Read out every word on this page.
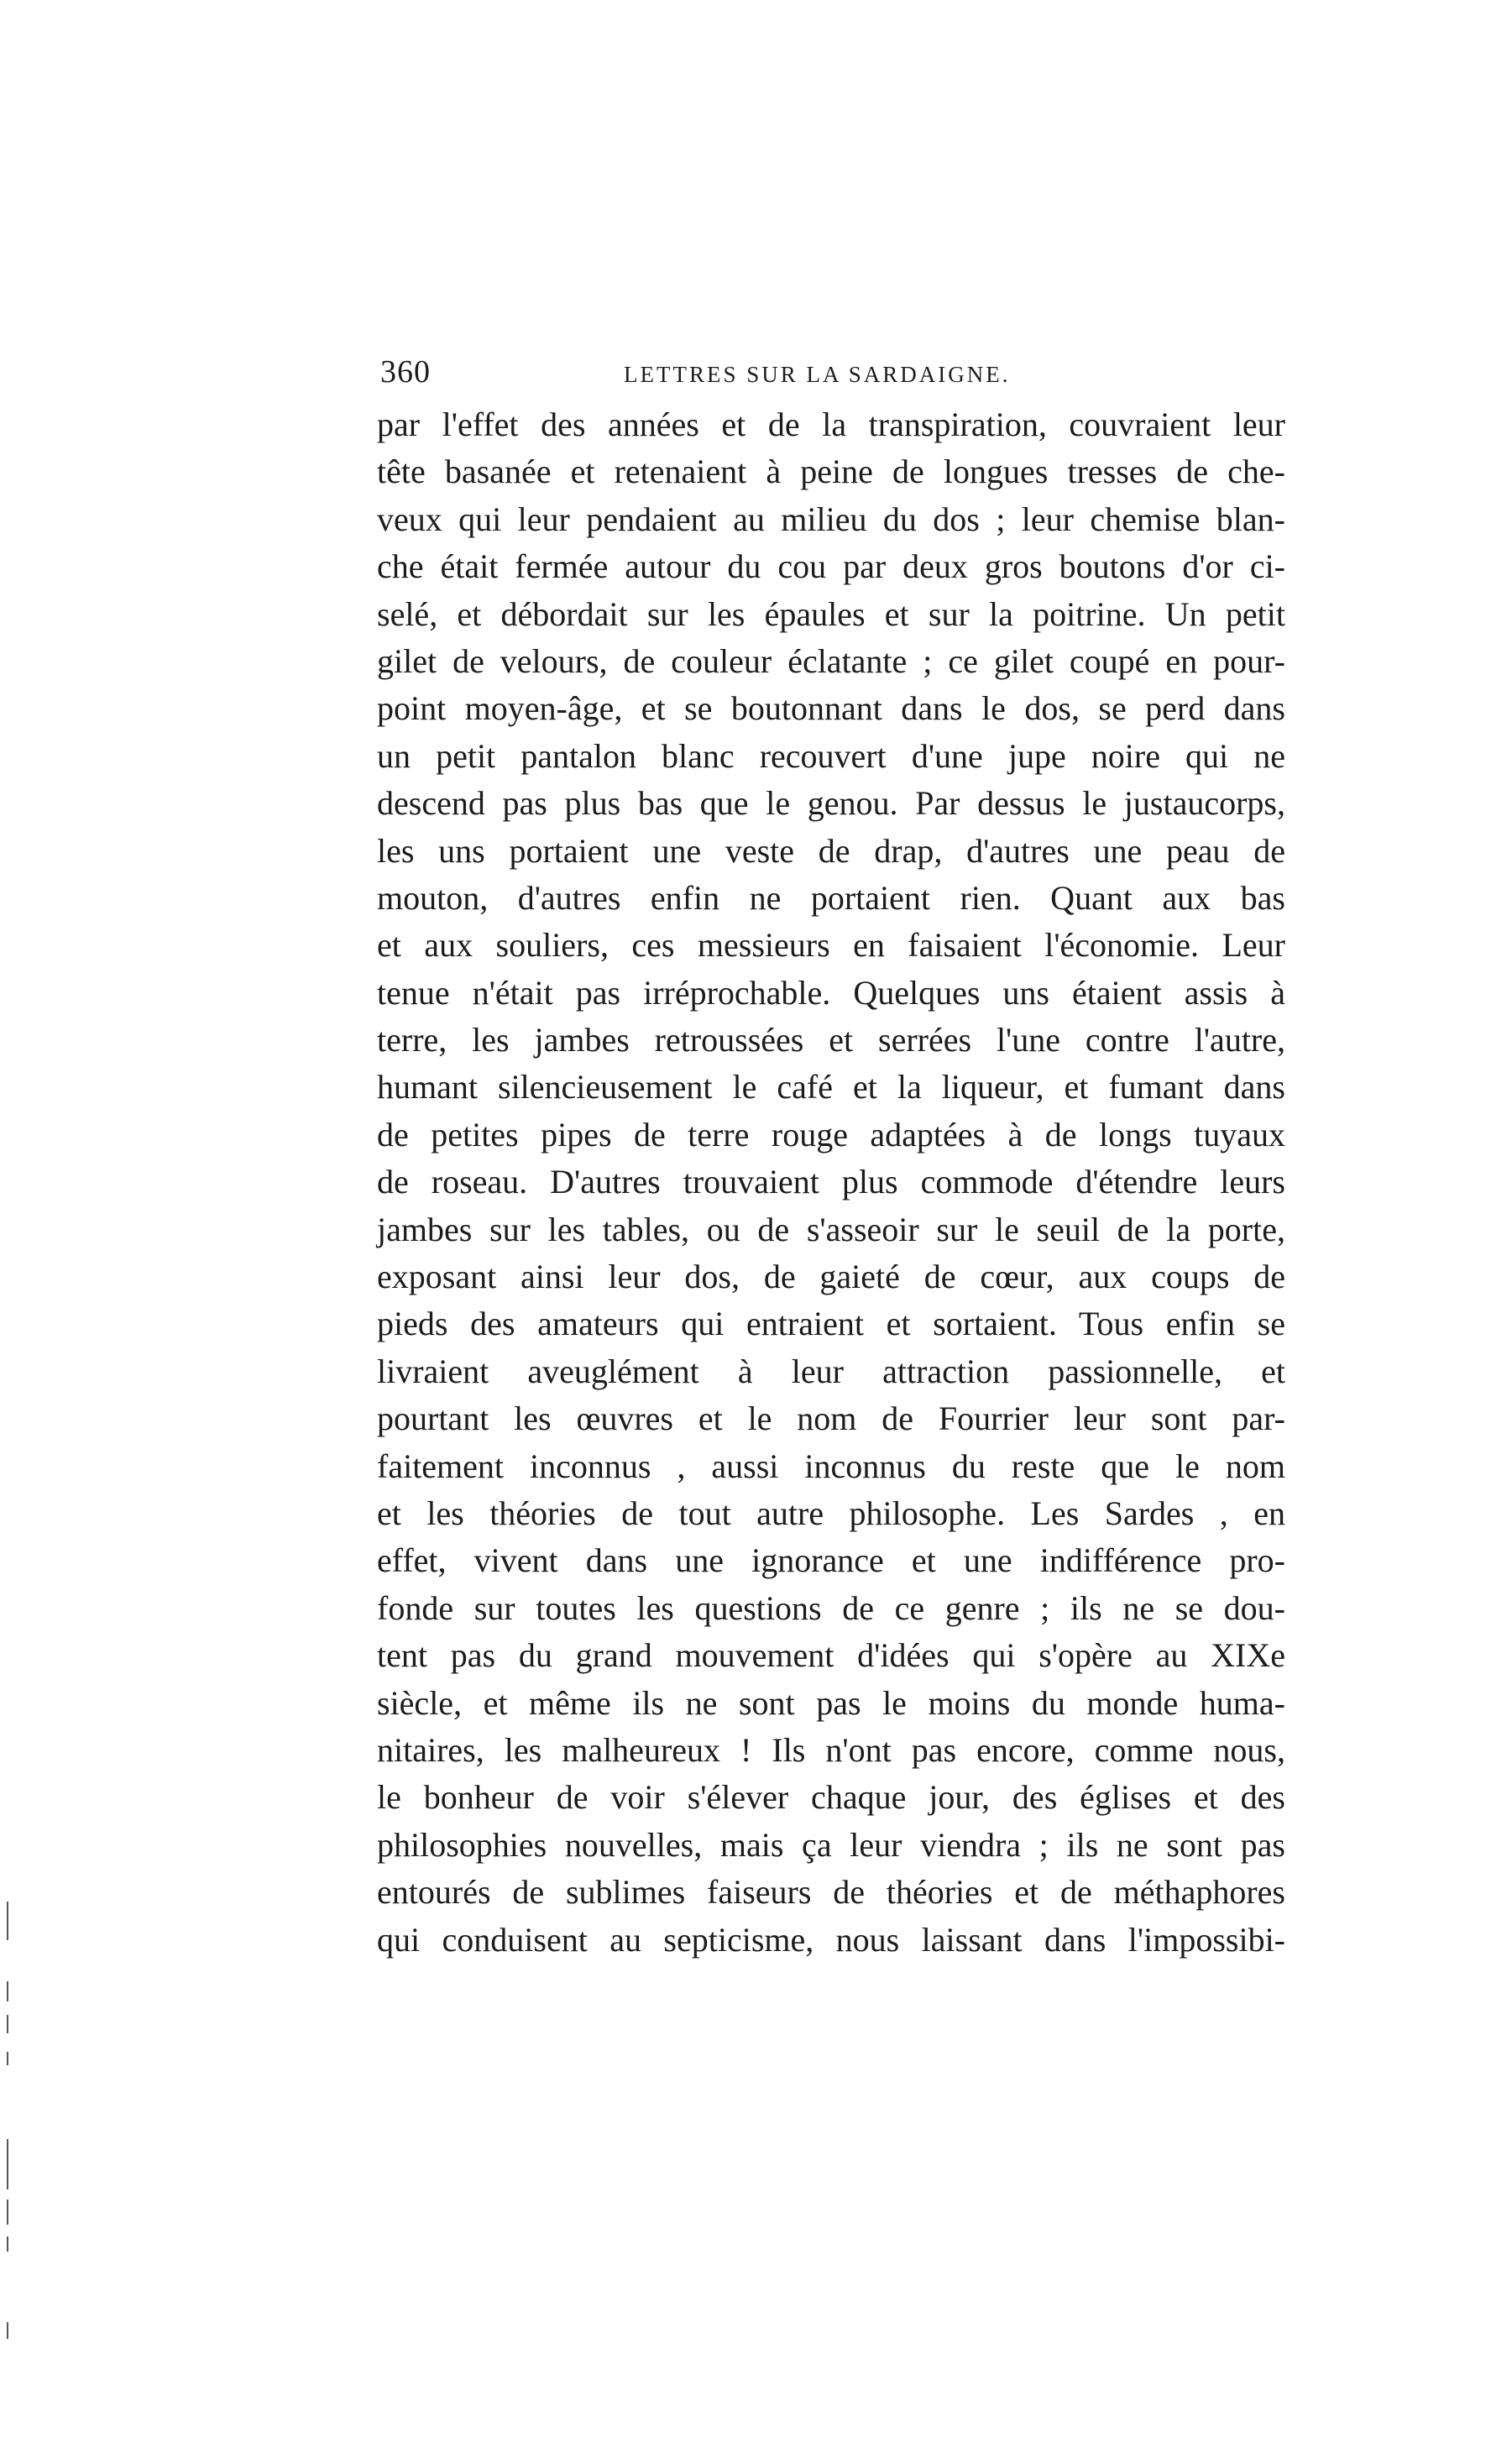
360	LETTRES SUR LA SARDAIGNE.
par l'effet des années et de la transpiration, couvraient leur
tête basanée et retenaient à peine de longues tresses de che-
veux qui leur pendaient au milieu du dos ; leur chemise blan-
che était fermée autour du cou par deux gros boutons d'or ci-
selé, et débordait sur les épaules et sur la poitrine. Un petit
gilet de velours, de couleur éclatante ; ce gilet coupé en pour-
point moyen-âge, et se boutonnant dans le dos, se perd dans
un petit pantalon blanc recouvert d'une jupe noire qui ne
descend pas plus bas que le genou. Par dessus le justaucorps,
les uns portaient une veste de drap, d'autres une peau de
mouton, d'autres enfin ne portaient rien. Quant aux bas
et aux souliers, ces messieurs en faisaient l'économie. Leur
tenue n'était pas irréprochable. Quelques uns étaient assis à
terre, les jambes retroussées et serrées l'une contre l'autre,
humant silencieusement le café et la liqueur, et fumant dans
de petites pipes de terre rouge adaptées à de longs tuyaux
de roseau. D'autres trouvaient plus commode d'étendre leurs
jambes sur les tables, ou de s'asseoir sur le seuil de la porte,
exposant ainsi leur dos, de gaieté de cœur, aux coups de
pieds des amateurs qui entraient et sortaient. Tous enfin se
livraient aveuglément à leur attraction passionnelle, et
pourtant les œuvres et le nom de Fourrier leur sont par-
faitement inconnus , aussi inconnus du reste que le nom
et les théories de tout autre philosophe. Les Sardes , en
effet, vivent dans une ignorance et une indifférence pro-
fonde sur toutes les questions de ce genre ; ils ne se dou-
tent pas du grand mouvement d'idées qui s'opère au XIXe
siècle, et même ils ne sont pas le moins du monde huma-
nitaires, les malheureux ! Ils n'ont pas encore, comme nous,
le bonheur de voir s'élever chaque jour, des églises et des
philosophies nouvelles, mais ça leur viendra ; ils ne sont pas
entourés de sublimes faiseurs de théories et de méthaphores
qui conduisent au septicisme, nous laissant dans l'impossibi-
